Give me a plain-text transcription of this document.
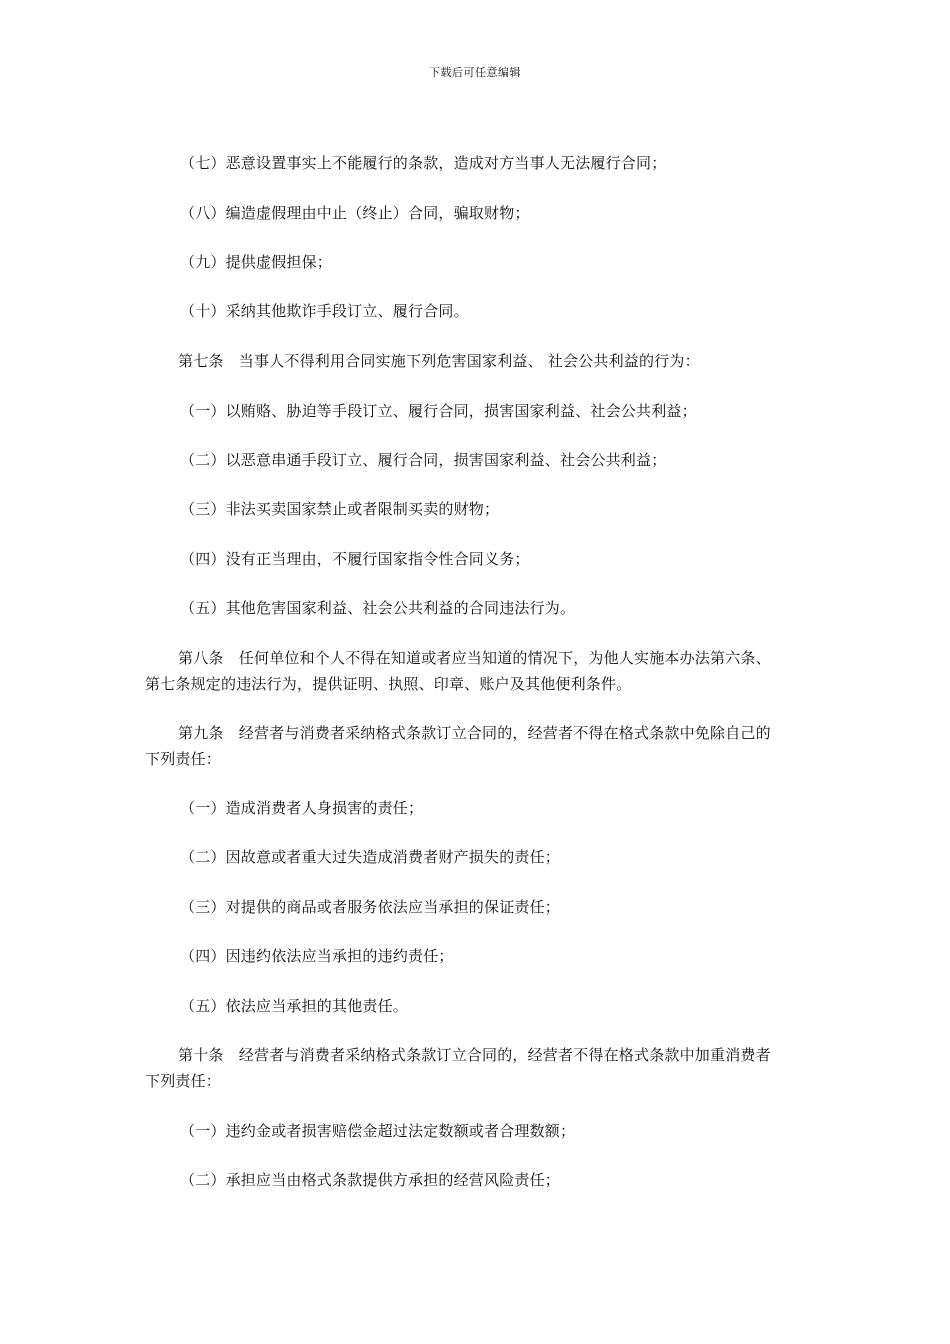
下载后可任意编辑
（七）恶意设置事实上不能履行的条款，造成对方当事人无法履行合同；
（八）编造虚假理由中止（终止）合同，骗取财物；
（九）提供虚假担保；
（十）采纳其他欺诈手段订立、履行合同。
第七条　当事人不得利用合同实施下列危害国家利益、 社会公共利益的行为：
（一）以贿赂、胁迫等手段订立、履行合同，损害国家利益、社会公共利益；
（二）以恶意串通手段订立、履行合同，损害国家利益、社会公共利益；
（三）非法买卖国家禁止或者限制买卖的财物；
（四）没有正当理由，不履行国家指令性合同义务；
（五）其他危害国家利益、社会公共利益的合同违法行为。
第八条　任何单位和个人不得在知道或者应当知道的情况下，为他人实施本办法第六条、
第七条规定的违法行为，提供证明、执照、印章、账户及其他便利条件。
第九条　经营者与消费者采纳格式条款订立合同的，经营者不得在格式条款中免除自己的
下列责任：
（一）造成消费者人身损害的责任；
（二）因故意或者重大过失造成消费者财产损失的责任；
（三）对提供的商品或者服务依法应当承担的保证责任；
（四）因违约依法应当承担的违约责任；
（五）依法应当承担的其他责任。
第十条　经营者与消费者采纳格式条款订立合同的，经营者不得在格式条款中加重消费者
下列责任：
（一）违约金或者损害赔偿金超过法定数额或者合理数额；
（二）承担应当由格式条款提供方承担的经营风险责任；
